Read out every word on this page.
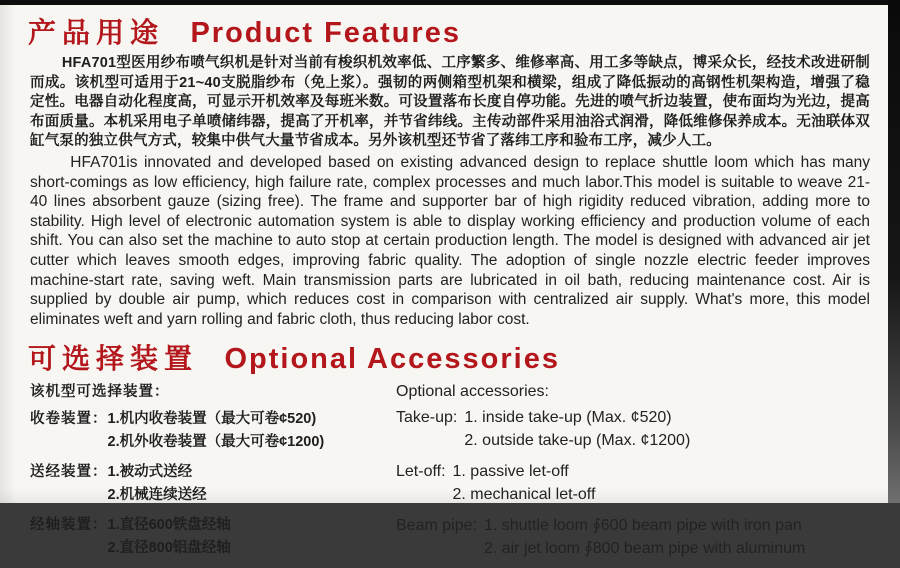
产品用途 Product Features
HFA701型医用纱布喷气织机是针对当前有梭织机效率低、工序繁多、维修率高、用工多等缺点，博采众长，经技术改进研制而成。该机型可适用于21~40支脱脂纱布（免上浆）。强韧的两侧箱型机架和横梁，组成了降低振动的高钢性机架构造，增强了稳定性。电器自动化程度高，可显示开机效率及每班米数。可设置落布长度自停功能。先进的喷气折边装置，使布面均为光边，提高布面质量。本机采用电子单喷储纬器，提高了开机率，并节省纬线。主传动部件采用油浴式润滑，降低维修保养成本。无油联体双缸气泵的独立供气方式，较集中供气大量节省成本。另外该机型还节省了落纬工序和验布工序，减少人工。
HFA701is innovated and developed based on existing advanced design to replace shuttle loom which has many short-comings as low efficiency, high failure rate, complex processes and much labor.This model is suitable to weave 21-40 lines absorbent gauze (sizing free). The frame and supporter bar of high rigidity reduced vibration, adding more to stability. High level of electronic automation system is able to display working efficiency and production volume of each shift. You can also set the machine to auto stop at certain production length. The model is designed with advanced air jet cutter which leaves smooth edges, improving fabric quality. The adoption of single nozzle electric feeder improves machine-start rate, saving weft. Main transmission parts are lubricated in oil bath, reducing maintenance cost. Air is supplied by double air pump, which reduces cost in comparison with centralized air supply. What's more, this model eliminates weft and yarn rolling and fabric cloth, thus reducing labor cost.
可选择装置 Optional Accessories
该机型可选择装置：
收卷装置： 1.机内收卷装置（最大可卷¢520)
2.机外收卷装置（最大可卷¢1200)
送经装置： 1.被动式送经
2.机械连续送经
经轴装置： 1.直径600铁盘经轴
2.直径800铝盘经轴
Optional accessories:
Take-up: 1. inside take-up (Max. ¢520)
2. outside take-up (Max. ¢1200)
Let-off: 1. passive let-off
2. mechanical let-off
Beam pipe: 1. shuttle loom ∮600 beam pipe with iron pan
2. air jet loom ∮800 beam pipe with aluminum
